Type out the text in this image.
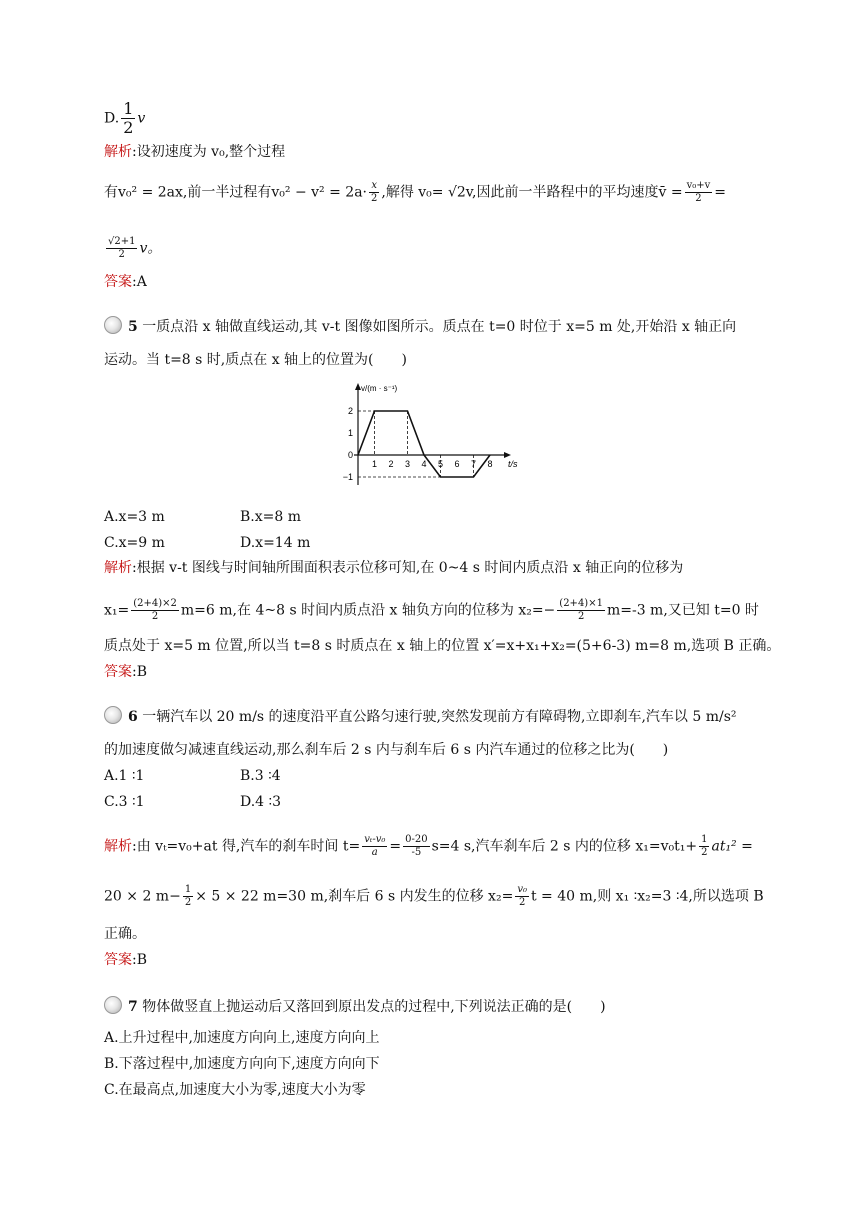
D. $\frac{1}{2}$ v
解析:设初速度为 v₀,整个过程
有v₀² = 2ax,前一半过程有$v_0^2 - v^2 = 2a\cdot \frac{x}{2}$ ,解得 v₀= √2v,因此前一半路程中的平均速度v̄ = $\frac{\text{v₀+v}}{2}$ =
$\frac{√2+1}{2}$ v。
答案:A
5 一质点沿 x 轴做直线运动,其 v-t 图像如图所示。质点在 t=0 时位于 x=5 m 处,开始沿 x 轴正向
运动。当 t=8 s 时,质点在 x 轴上的位置为(　　)
1 2 3 4 5 6 7 8
2
1
0
−1
v/(m · s⁻¹)
t/s
A.x=3 m	B.x=8 m
C.x=9 m	D.x=14 m
解析:根据 v-t 图线与时间轴所围面积表示位移可知,在 0~4 s 时间内质点沿 x 轴正向的位移为
$x_1= \frac{(2+4)\times 2}{2} m=6$ m,在 4~8 s 时间内质点沿 x 轴负方向的位移为 $x_2=- \frac{(2+4)\times 1}{2} m=-3$ m,又已知 t=0 时
质点处于 x=5 m 位置,所以当 t=8 s 时质点在 x 轴上的位置 x′=x+x₁+x₂=(5+6-3) m=8 m,选项 B 正确。
答案:B
6 一辆汽车以 20 m/s 的速度沿平直公路匀速行驶,突然发现前方有障碍物,立即刹车,汽车以 5 m/s²
的加速度做匀减速直线运动,那么刹车后 2 s 内与刹车后 6 s 内汽车通过的位移之比为(　　)
A.1 ∶1	B.3 ∶4
C.3 ∶1	D.4 ∶3
解析:由 vₜ=v₀+at 得,汽车的刹车时间 $t= \frac{\text{vₜ-v₀}}{a} = \frac{0-20}{-5} s=4$ s,汽车刹车后 2 s 内的位移 $x_1=v_0t_1+ \frac{1}{2} at_1^2$ =
20 × 2 $m- \frac{1}{2} \times 5 \times 22$ m=30 m,刹车后 6 s 内发生的位移 $x_2= \frac{\text{v₀}}{2}$ t = 40 m,则 x₁ ∶x₂=3 ∶4,所以选项 B
正确。
答案:B
7 物体做竖直上抛运动后又落回到原出发点的过程中,下列说法正确的是(　　)
A.上升过程中,加速度方向向上,速度方向向上
B.下落过程中,加速度方向向下,速度方向向下
C.在最高点,加速度大小为零,速度大小为零
